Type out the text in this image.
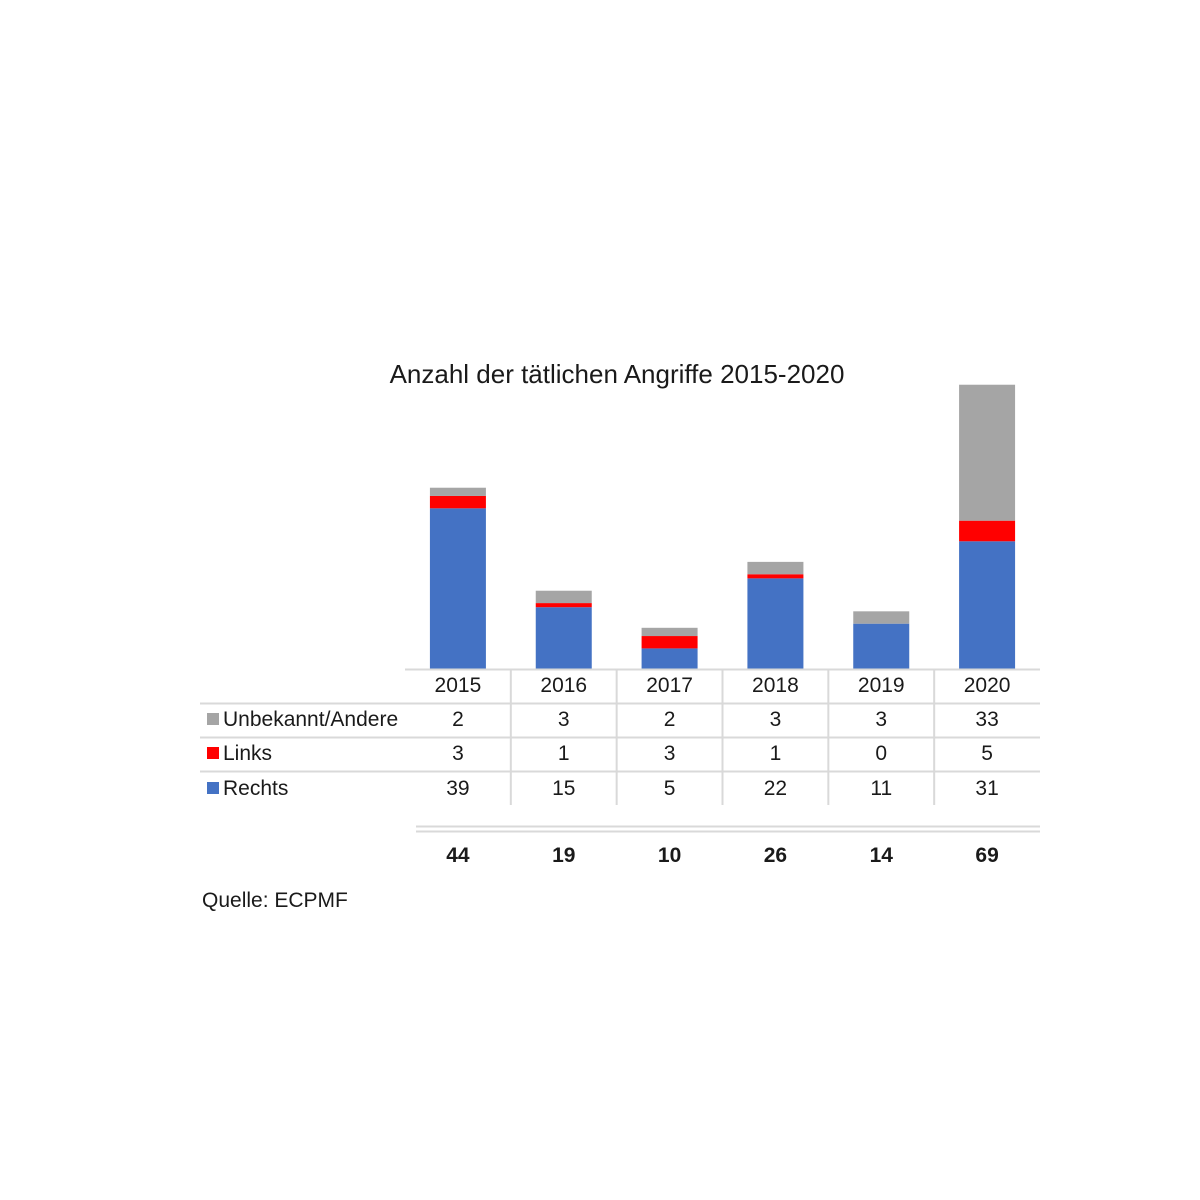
Anzahl der tätlichen Angriffe 2015-2020
2015	2016	2017	2018	2019	2020
Unbekannt/Andere	2	3	2	3	3	33
Links	3	1	3	1	0	5
Rechts	39	15	5	22	11	31
44	19	10	26	14	69
Quelle: ECPMF
